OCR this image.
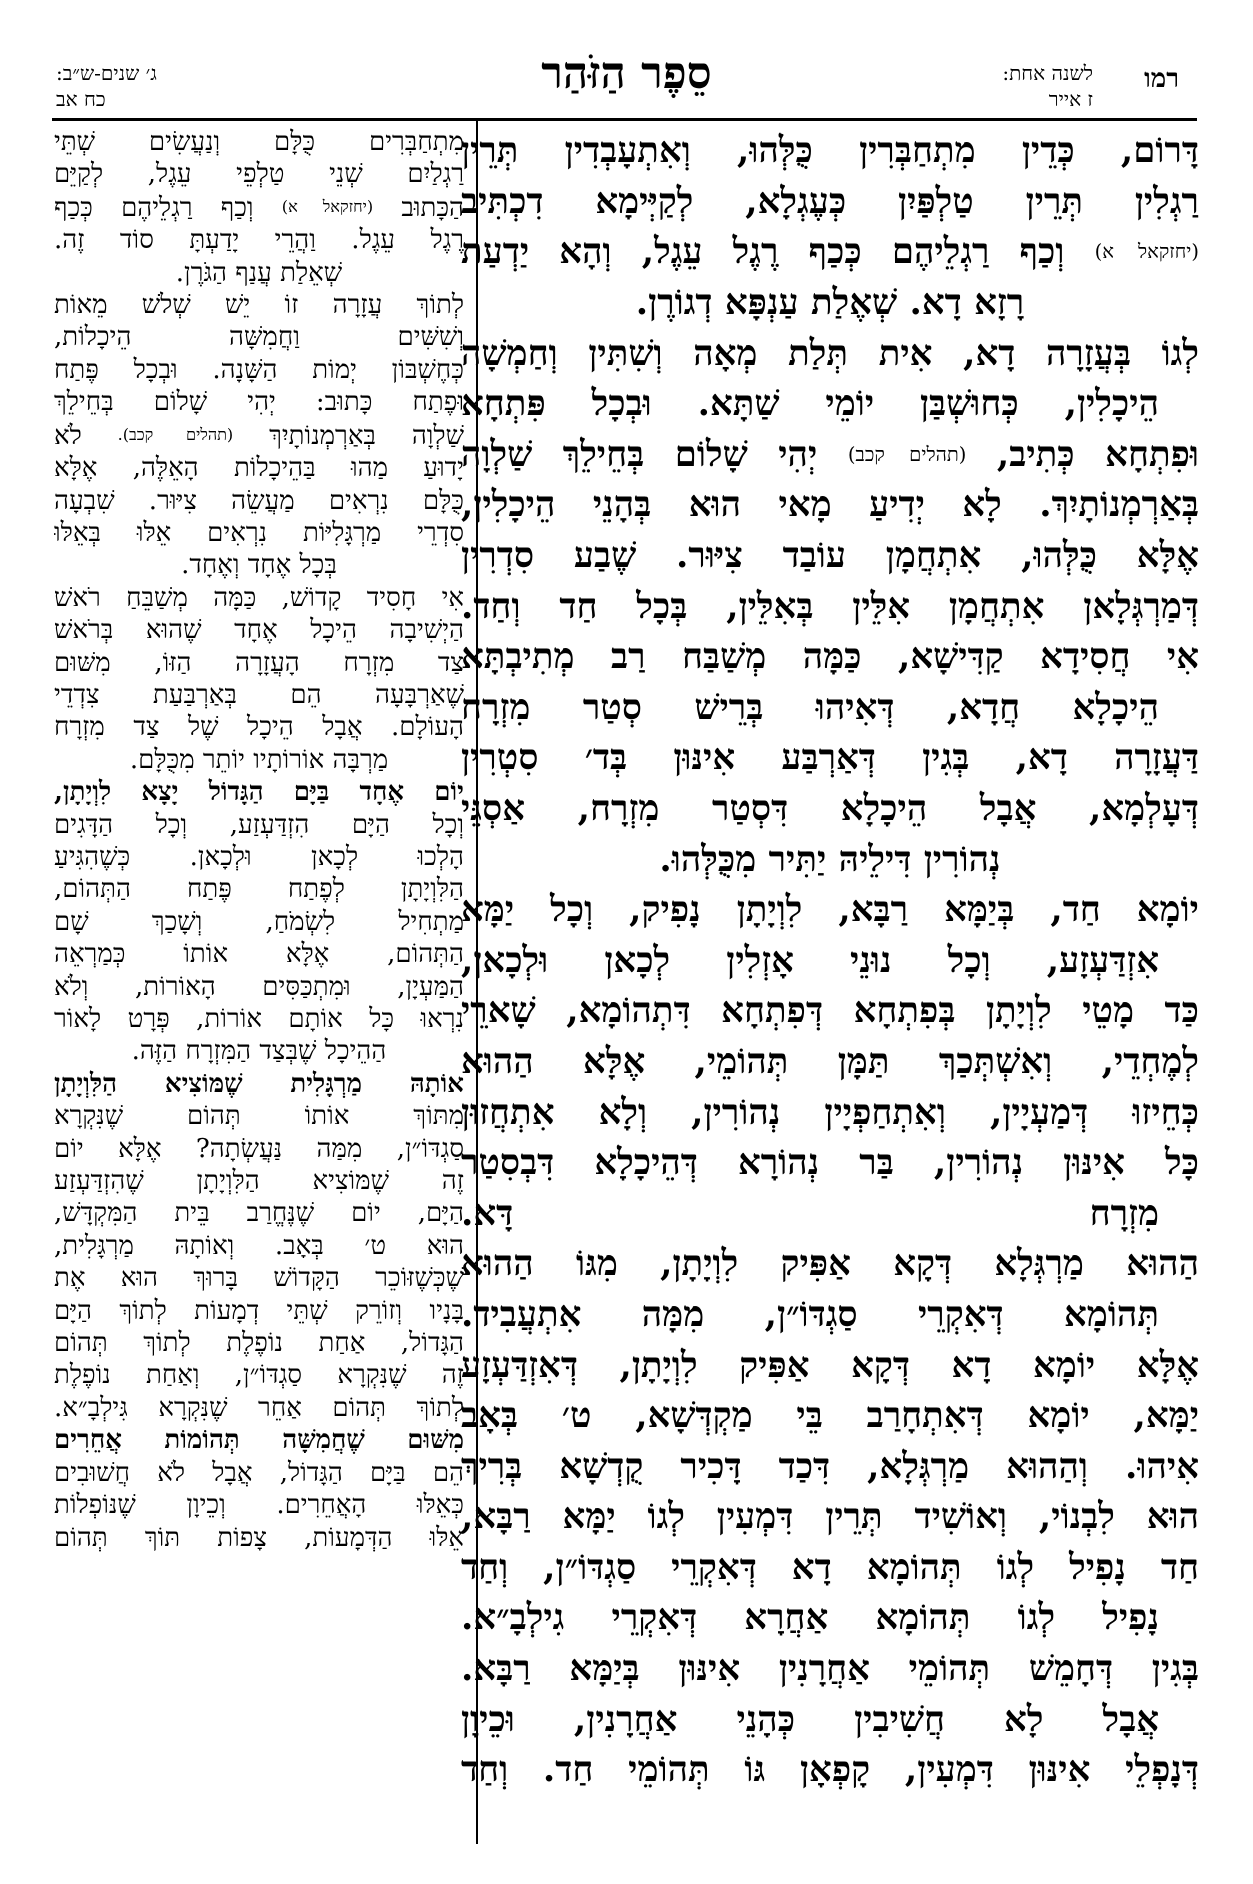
רמו
לשנה אחת:
ז אייר
סֵפֶר הַזֹּהַר
ג׳ שנים-ש״ב:
כח אב
דָּרוֹם, כְּדֵין מִתְחַבְּרִין כֻּלְּהוּ, וְאִתְעָבְדִין תְּרֵין
רַגְלִין תְּרֵין טַלְפַּיִן כְּעֶגְלָא, לְקַיְּימָא דִכְתִּיב
(יחזקאל א) וְכַף רַגְלֵיהֶם כְּכַף רֶגֶל עֵגֶל, וְהָא יַדְעַת
רָזָא דָא. שְׁאֶלַת עַנְפָּא דְגוֹרֶן.
לְגוֹ בְּעֲזָרָה דָא, אִית תְּלַת מְאָה וְשִׁתִּין וְחַמְשָׁה
הֵיכָלִין, כְּחוּשְׁבַּן יוֹמֵי שַׁתָּא. וּבְכָל פִּתְחָא
וּפִתְחָא כְּתִיב, (תהלים קכב) יְהִי שָׁלוֹם בְּחֵילֵךְ שַׁלְוָה
בְּאַרְמְנוֹתָיִךְ. לָא יְדִיעַ מָאי הוּא בְּהָנֵי הֵיכָלִין,
אֶלָּא כֻּלְּהוּ, אִתְחֲמָן עוֹבַד צִיּוּר. שֶׁבַע סִדְרִין
דְּמַרְגְּלָאן אִתְחֲמָן אִלֵּין בְּאִלֵּין, בְּכָל חַד וְחַד.
אִי חֲסִידָא קַדִּישָׁא, כַּמָּה מְשַׁבַּח רַב מְתִיבְתָּא
הֵיכָלָא חֲדָא, דְּאִיהוּ בְּרֵישׁ סְטַר מִזְרָח
דַּעֲזָרָה דָא, בְּגִין דְּאַרְבַּע אִינּוּן בְּד׳ סִטְרִין
דְּעָלְמָא, אֲבָל הֵיכָלָא דִּסְטַר מִזְרָח, אַסְגֵּי
נְהוֹרִין דִּילֵיהּ יַתִּיר מִכֻּלְּהוּ.
יוֹמָא חַד, בְּיַמָּא רַבָּא, לִוְיָתָן נָפִיק, וְכָל יַמָּא
אִזְדַּעְזָע, וְכָל נוּנֵי אָזְלִין לְכָאן וּלְכָאן,
כַּד מָטֵי לִוְיָתָן בְּפִתְחָא דְּפִתְחָא דִּתְהוֹמָא, שָׁארֵי
לְמֶחְדֵי, וְאִשְׁתְּכַךְ תַּמָּן תְּהוֹמֵי, אֶלָּא הַהוּא
כְּחֵיזוּ דְּמַעְיָין, וְאִתְחַפְיָין נְהוֹרִין, וְלָא אִתְחֲזוּן
כָּל אִינּוּן נְהוֹרִין, בַּר נְהוֹרָא דְּהֵיכָלָא דִּבְסִטַר
מִזְרָח דָּא.
הַהוּא מַרְגְּלָא דְּקָא אַפִּיק לִוְיָתָן, מִגּוֹ הַהוּא
תְּהוֹמָא דְּאִקְרֵי סַגְדּוֹ״ן, מִמָּה אִתְעֲבִיד.
אֶלָּא יוֹמָא דָא דְּקָא אַפִּיק לִוְיָתָן, דְּאִזְדַּעְזָע
יַמָּא, יוֹמָא דְּאִתְחָרַב בֵּי מַקְדְּשָׁא, ט׳ בְּאָב
אִיהוּ. וְהַהוּא מַרְגְּלָא, דִּכַד דָּכִיר קֻדְשָׁא בְּרִיךְ
הוּא לִבְנוֹי, וְאוֹשִׁיד תְּרֵין דִּמְעִין לְגוֹ יַמָּא רַבָּא,
חַד נָפִיל לְגוֹ תְּהוֹמָא דָא דְּאִקְרֵי סַגְדּוֹ״ן, וְחַד
נָפִיל לְגוֹ תְּהוֹמָא אַחֲרָא דְּאִקְרֵי גִילְבָ״א.
בְּגִין דְּחָמֵשׁ תְּהוֹמֵי אַחֲרָנִין אִינּוּן בְּיַמָּא רַבָּא.
אֲבָל לָא חֲשִׁיבִין כְּהָנֵי אַחֲרָנִין, וּכֵיוָן
דְּנָפְלֵי אִינּוּן דִּמְעִין, קָפְאָן גּוֹ תְּהוֹמֵי חַד. וְחַד
מִתְחַבְּרִים כֻּלָּם וְנַעֲשִׂים שְׁתֵּי
רַגְלַיִם שְׁנֵי טַלְפֵי עֵגֶל, לְקַיֵּם
הַכָּתוּב (יחזקאל א) וְכַף רַגְלֵיהֶם כְּכַף
רֶגֶל עֵגֶל. וַהֲרֵי יָדַעְתָּ סוֹד זֶה.
שְׁאֵלַת עֲנַף הַגֹּרֶן.
לְתוֹךְ עֲזָרָה זוֹ יֵשׁ שְׁלֹשׁ מֵאוֹת
וְשִׁשִּׁים וַחֲמִשָּׁה הֵיכָלוֹת,
כְּחֶשְׁבּוֹן יְמוֹת הַשָּׁנָה. וּבְכָל פֶּתַח
וּפֶתַח כָּתוּב: יְהִי שָׁלוֹם בְּחֵילֵךְ
שַׁלְוָה בְּאַרְמְנוֹתָיִךְ (תהלים קכב). לֹא
יָדוּעַ מַהוּ בַּהֵיכָלוֹת הָאֵלֶּה, אֶלָּא
כֻּלָּם נִרְאִים מַעֲשֵׂה צִיּוּר. שִׁבְעָה
סִדְרֵי מַרְגָּלִיּוֹת נִרְאִים אֵלּוּ בְּאֵלּוּ
בְּכָל אֶחָד וְאֶחָד.
אִי חָסִיד קָדוֹשׁ, כַּמָּה מְשַׁבֵּחַ רֹאשׁ
הַיְשִׁיבָה הֵיכָל אֶחָד שֶׁהוּא בְּרֹאשׁ
צַד מִזְרָח הָעֲזָרָה הַזּוֹ, מִשּׁוּם
שֶׁאַרְבָּעָה הֵם בְּאַרְבַּעַת צִדְדֵי
הָעוֹלָם. אֲבָל הֵיכָל שֶׁל צַד מִזְרָח
מַרְבָּה אוֹרוֹתָיו יוֹתֵר מִכֻּלָּם.
יוֹם אֶחָד בַּיָּם הַגָּדוֹל יָצָא לִוְיָתָן,
וְכָל הַיָּם הִזְדַּעְזַע, וְכָל הַדָּגִים
הָלְכוּ לְכָאן וּלְכָאן. כְּשֶׁהִגִּיעַ
הַלִּוְיָתָן לְפֶתַח פֶּתַח הַתְּהוֹם,
מַתְחִיל לִשְׂמֹחַ, וְשָׁכַךְ שָׁם
הַתְּהוֹם, אֶלָּא אוֹתוֹ כְּמַרְאֵה
הַמַּעְיָן, וּמִתְכַּסִּים הָאוֹרוֹת, וְלֹא
נִרְאוּ כָּל אוֹתָם אוֹרוֹת, פְּרָט לָאוֹר
הַהֵיכָל שֶׁבְּצַד הַמִּזְרָח הַזֶּה.
אוֹתָהּ מַרְגָּלִית שֶׁמּוֹצִיא הַלִּוְיָתָן
מִתּוֹךְ אוֹתוֹ תְּהוֹם שֶׁנִּקְרָא
סַגְדּוֹ״ן, מִמַּה נַּעֲשְׂתָה? אֶלָּא יוֹם
זֶה שֶׁמּוֹצִיא הַלִּוְיָתָן שֶׁהִזְדַּעְזַע
הַיָּם, יוֹם שֶׁנֶּחֱרַב בֵּית הַמִּקְדָּשׁ,
הוּא ט׳ בְּאָב. וְאוֹתָהּ מַרְגָּלִית,
שֶׁכְּשֶׁזּוֹכֵר הַקָּדוֹשׁ בָּרוּךְ הוּא אֶת
בָּנָיו וְזוֹרֵק שְׁתֵּי דְמָעוֹת לְתוֹךְ הַיָּם
הַגָּדוֹל, אַחַת נוֹפֶלֶת לְתוֹךְ תְּהוֹם
זֶה שֶׁנִּקְרָא סַגְדּוֹ״ן, וְאַחַת נוֹפֶלֶת
לְתוֹךְ תְּהוֹם אַחֵר שֶׁנִּקְרָא גִּילְבָ״א.
מִשּׁוּם שֶׁחֲמִשָּׁה תְּהוֹמוֹת אֲחֵרִים
הֵם בַּיָּם הַגָּדוֹל, אֲבָל לֹא חֲשׁוּבִים
כְּאֵלּוּ הָאֲחֵרִים. וְכֵיוָן שֶׁנּוֹפְלוֹת
אֵלּוּ הַדְּמָעוֹת, צָפוֹת תּוֹךְ תְּהוֹם
